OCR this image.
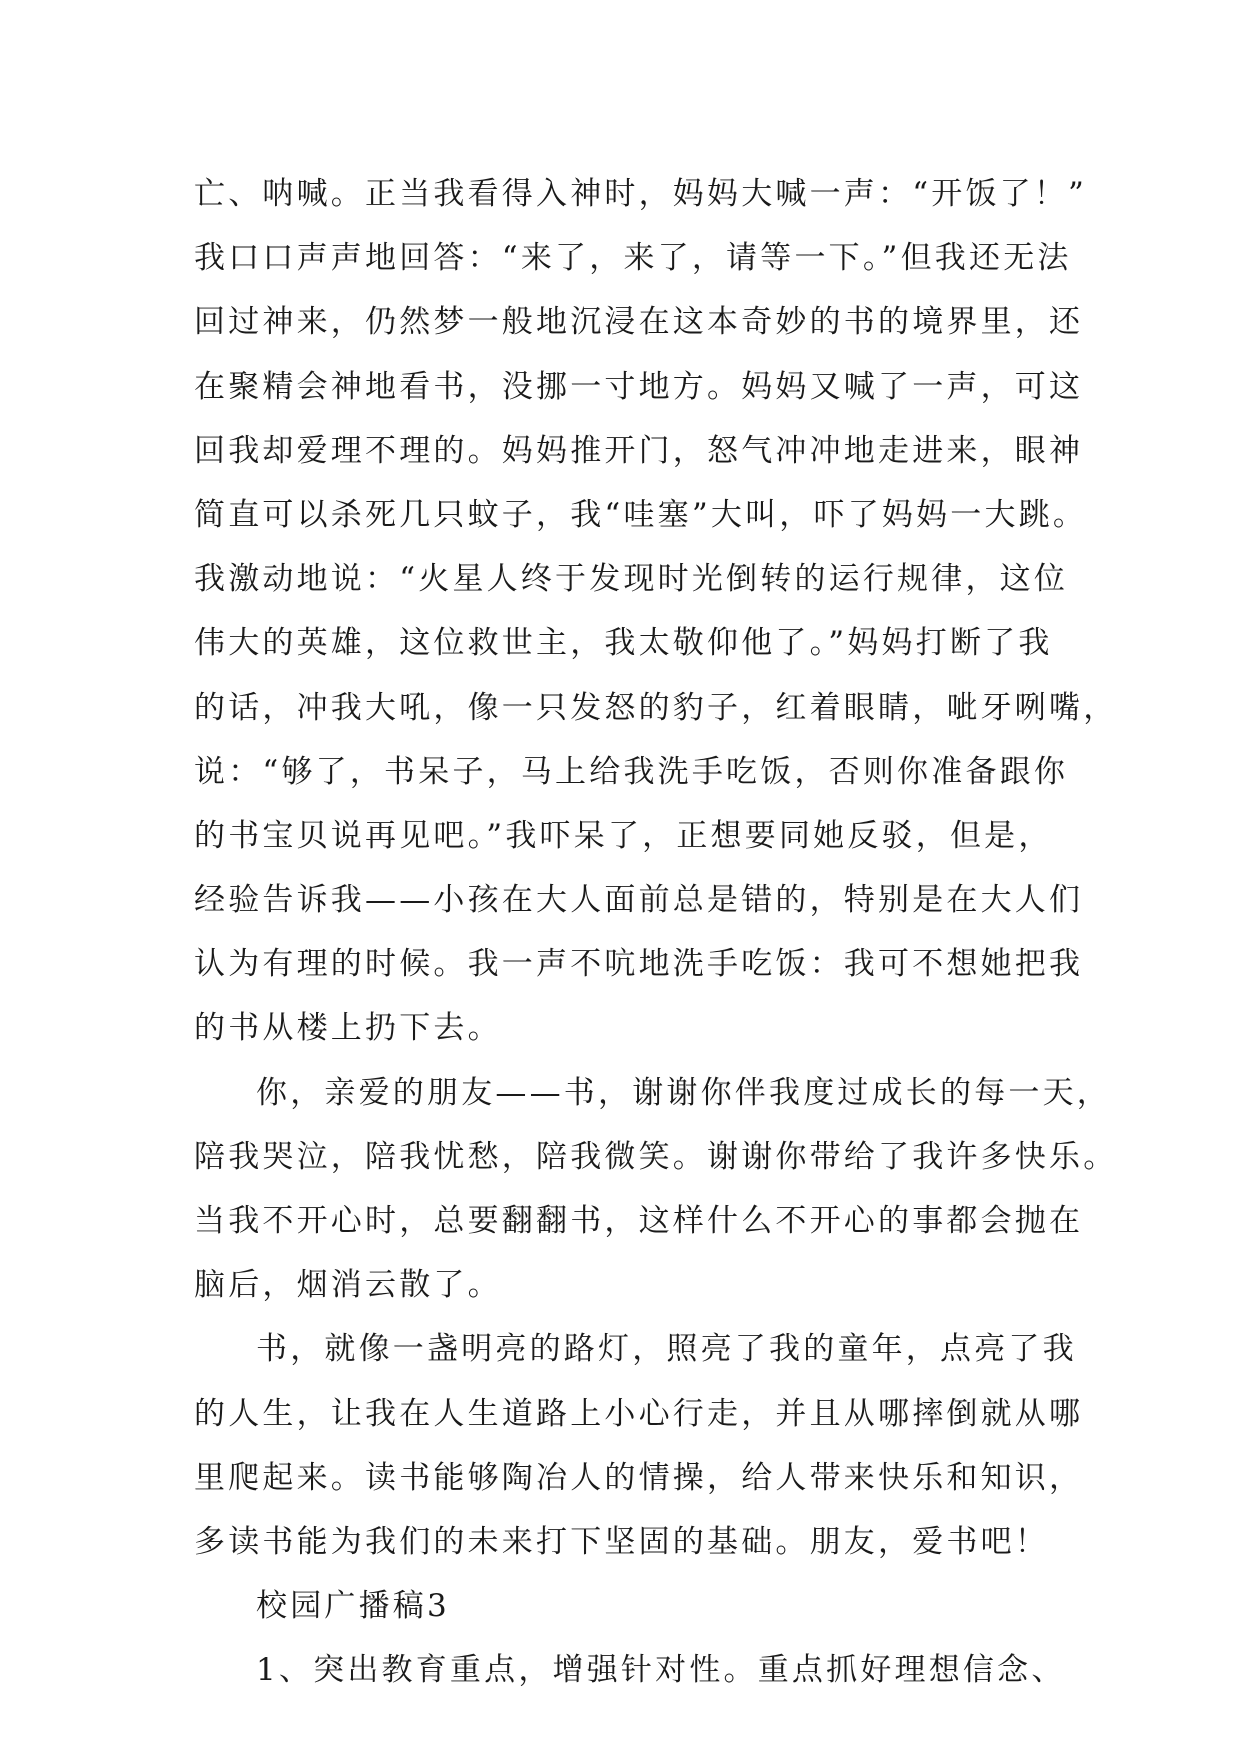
亡、呐喊。正当我看得入神时，妈妈大喊一声：“开饭了！”
我口口声声地回答：“来了，来了，请等一下。”但我还无法
回过神来，仍然梦一般地沉浸在这本奇妙的书的境界里，还
在聚精会神地看书，没挪一寸地方。妈妈又喊了一声，可这
回我却爱理不理的。妈妈推开门，怒气冲冲地走进来，眼神
简直可以杀死几只蚊子，我“哇塞”大叫，吓了妈妈一大跳。
我激动地说：“火星人终于发现时光倒转的运行规律，这位
伟大的英雄，这位救世主，我太敬仰他了。”妈妈打断了我
的话，冲我大吼，像一只发怒的豹子，红着眼睛，呲牙咧嘴，
说：“够了，书呆子，马上给我洗手吃饭，否则你准备跟你
的书宝贝说再见吧。”我吓呆了，正想要同她反驳，但是，
经验告诉我——小孩在大人面前总是错的，特别是在大人们
认为有理的时候。我一声不吭地洗手吃饭：我可不想她把我
的书从楼上扔下去。
你，亲爱的朋友——书，谢谢你伴我度过成长的每一天，
陪我哭泣，陪我忧愁，陪我微笑。谢谢你带给了我许多快乐。
当我不开心时，总要翻翻书，这样什么不开心的事都会抛在
脑后，烟消云散了。
书，就像一盏明亮的路灯，照亮了我的童年，点亮了我
的人生，让我在人生道路上小心行走，并且从哪摔倒就从哪
里爬起来。读书能够陶冶人的情操，给人带来快乐和知识，
多读书能为我们的未来打下坚固的基础。朋友，爱书吧！
校园广播稿3
1、突出教育重点，增强针对性。重点抓好理想信念、
